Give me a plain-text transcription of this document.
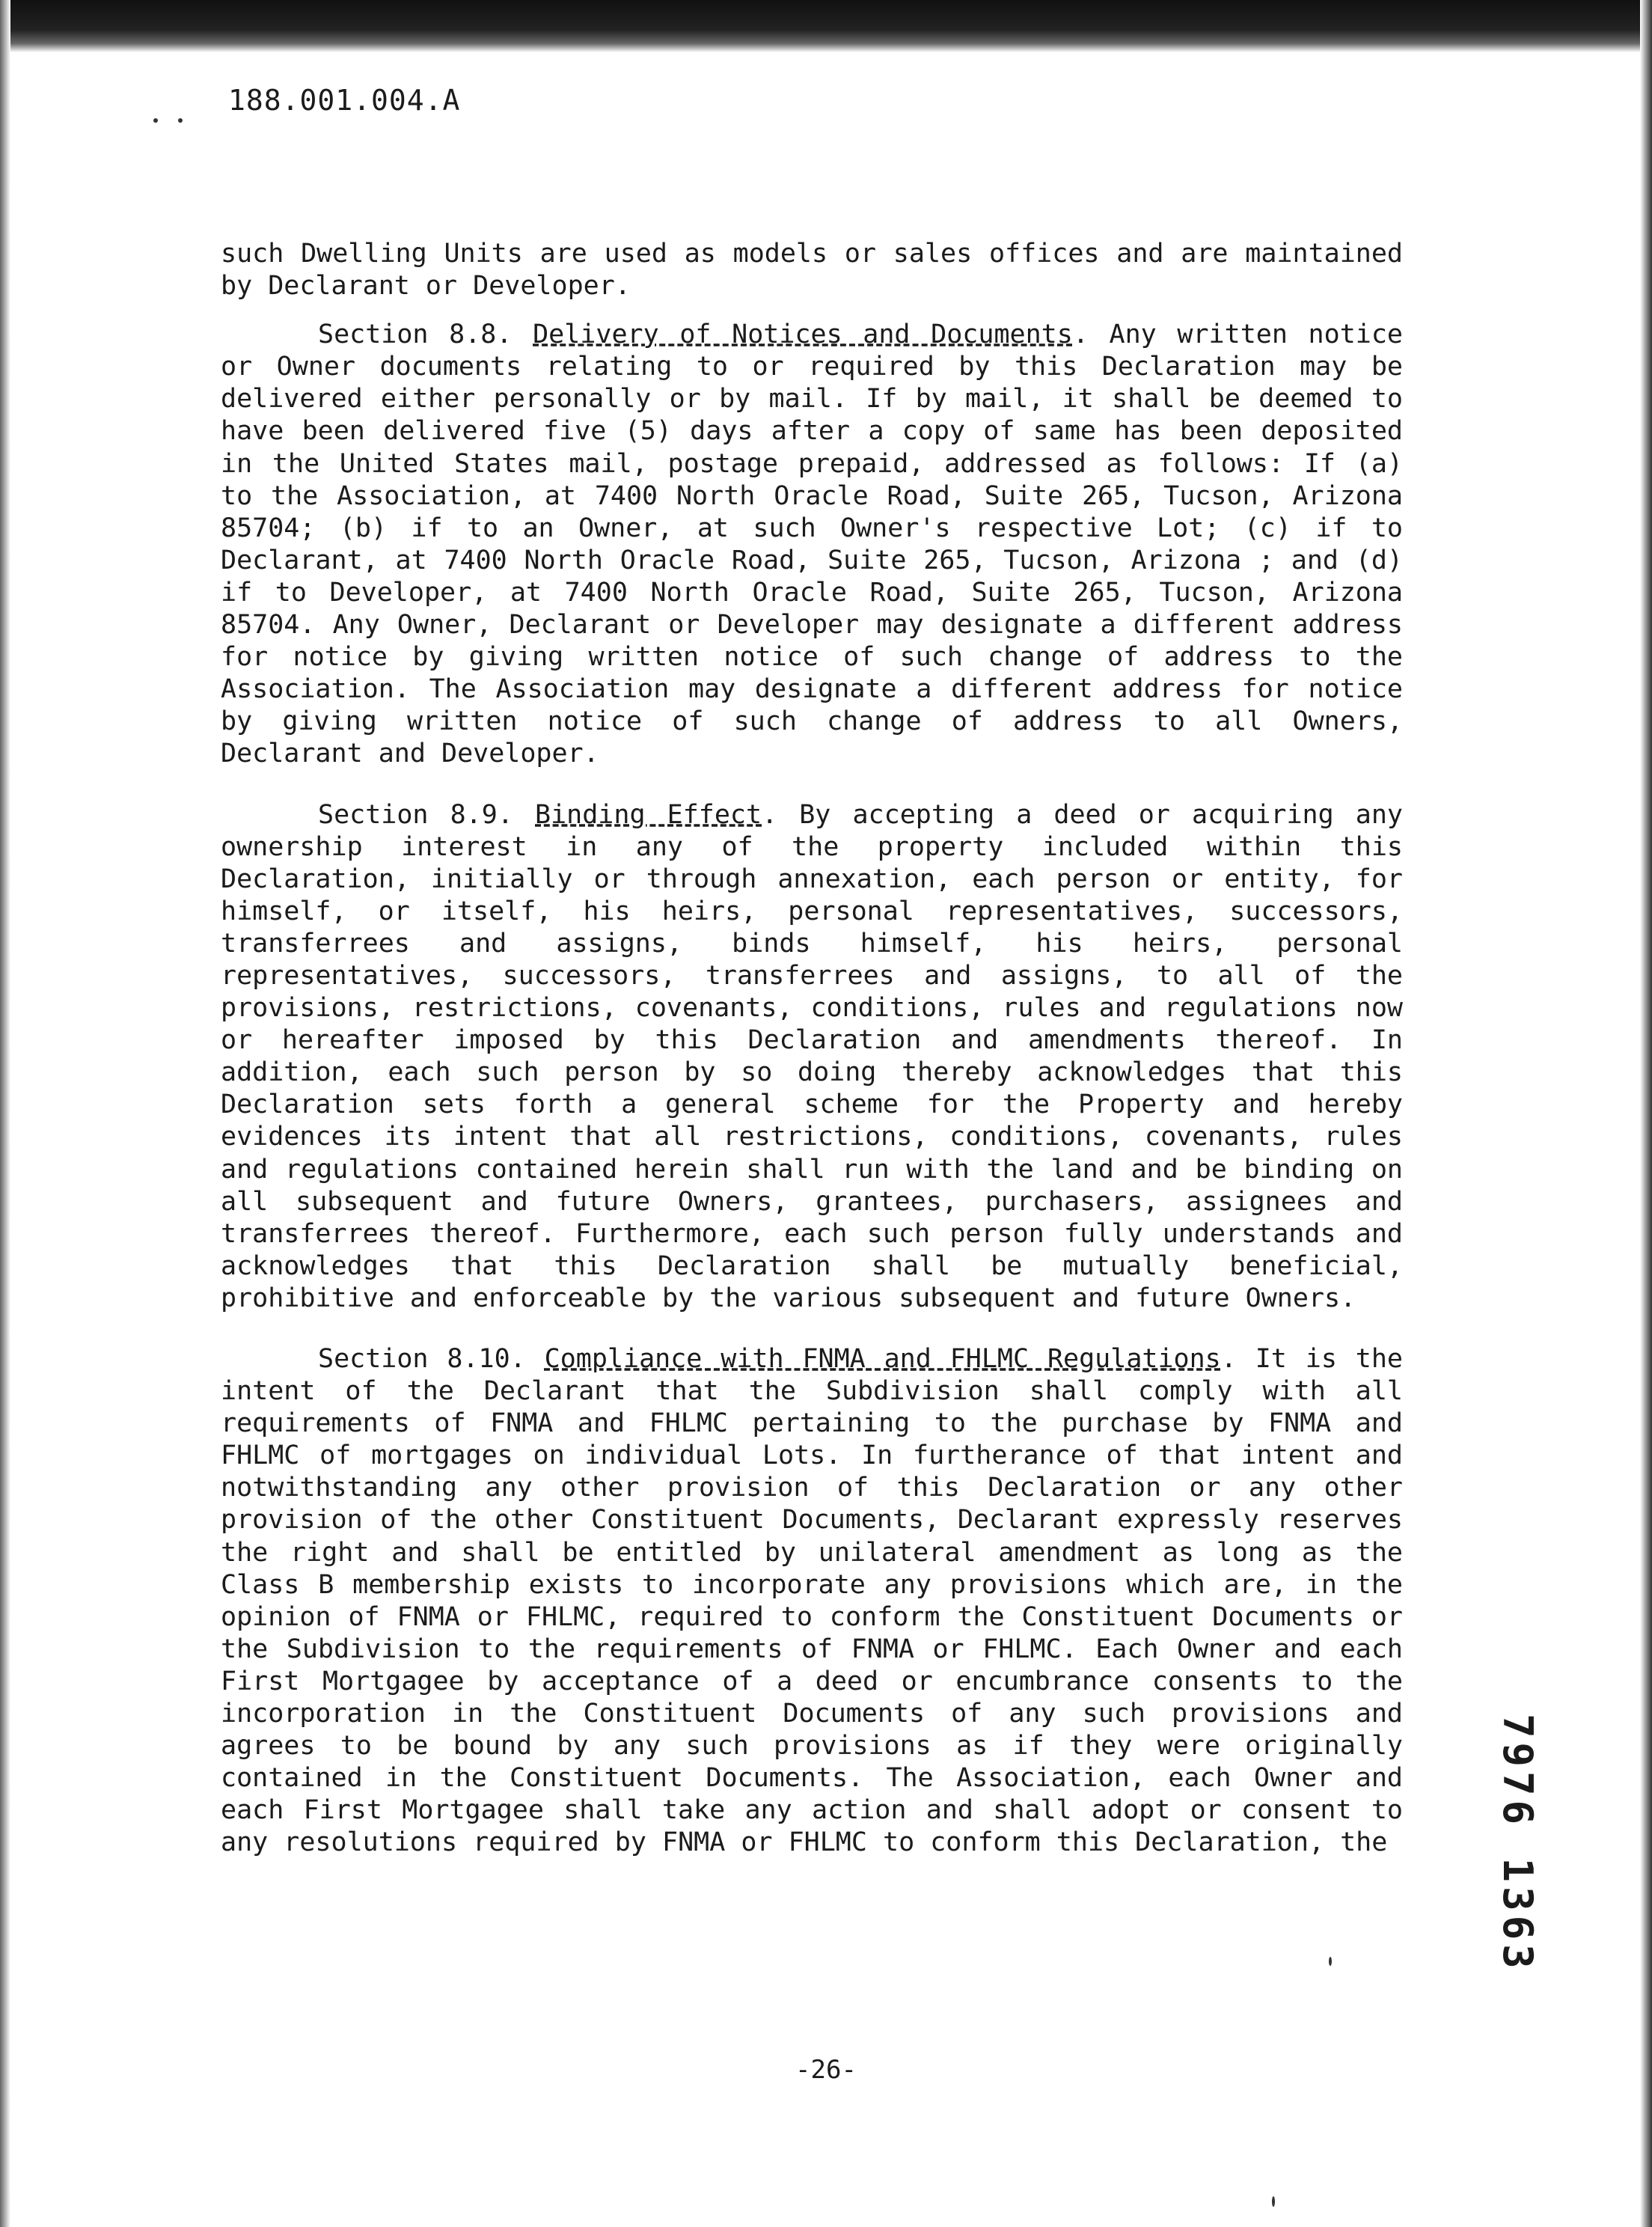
188.001.004.A

such Dwelling Units are used as models or sales offices and are maintained by Declarant or Developer.

Section 8.8. Delivery of Notices and Documents. Any written notice or Owner documents relating to or required by this Declaration may be delivered either personally or by mail. If by mail, it shall be deemed to have been delivered five (5) days after a copy of same has been deposited in the United States mail, postage prepaid, addressed as follows: If (a) to the Association, at 7400 North Oracle Road, Suite 265, Tucson, Arizona 85704; (b) if to an Owner, at such Owner's respective Lot; (c) if to Declarant, at 7400 North Oracle Road, Suite 265, Tucson, Arizona ; and (d) if to Developer, at 7400 North Oracle Road, Suite 265, Tucson, Arizona 85704. Any Owner, Declarant or Developer may designate a different address for notice by giving written notice of such change of address to the Association. The Association may designate a different address for notice by giving written notice of such change of address to all Owners, Declarant and Developer.

Section 8.9. Binding Effect. By accepting a deed or acquiring any ownership interest in any of the property included within this Declaration, initially or through annexation, each person or entity, for himself, or itself, his heirs, personal representatives, successors, transferrees and assigns, binds himself, his heirs, personal representatives, successors, transferrees and assigns, to all of the provisions, restrictions, covenants, conditions, rules and regulations now or hereafter imposed by this Declaration and amendments thereof. In addition, each such person by so doing thereby acknowledges that this Declaration sets forth a general scheme for the Property and hereby evidences its intent that all restrictions, conditions, covenants, rules and regulations contained herein shall run with the land and be binding on all subsequent and future Owners, grantees, purchasers, assignees and transferrees thereof. Furthermore, each such person fully understands and acknowledges that this Declaration shall be mutually beneficial, prohibitive and enforceable by the various subsequent and future Owners.

Section 8.10. Compliance with FNMA and FHLMC Regulations. It is the intent of the Declarant that the Subdivision shall comply with all requirements of FNMA and FHLMC pertaining to the purchase by FNMA and FHLMC of mortgages on individual Lots. In furtherance of that intent and notwithstanding any other provision of this Declaration or any other provision of the other Constituent Documents, Declarant expressly reserves the right and shall be entitled by unilateral amendment as long as the Class B membership exists to incorporate any provisions which are, in the opinion of FNMA or FHLMC, required to conform the Constituent Documents or the Subdivision to the requirements of FNMA or FHLMC. Each Owner and each First Mortgagee by acceptance of a deed or encumbrance consents to the incorporation in the Constituent Documents of any such provisions and agrees to be bound by any such provisions as if they were originally contained in the Constituent Documents. The Association, each Owner and each First Mortgagee shall take any action and shall adopt or consent to any resolutions required by FNMA or FHLMC to conform this Declaration, the	7976 1363
-26-
